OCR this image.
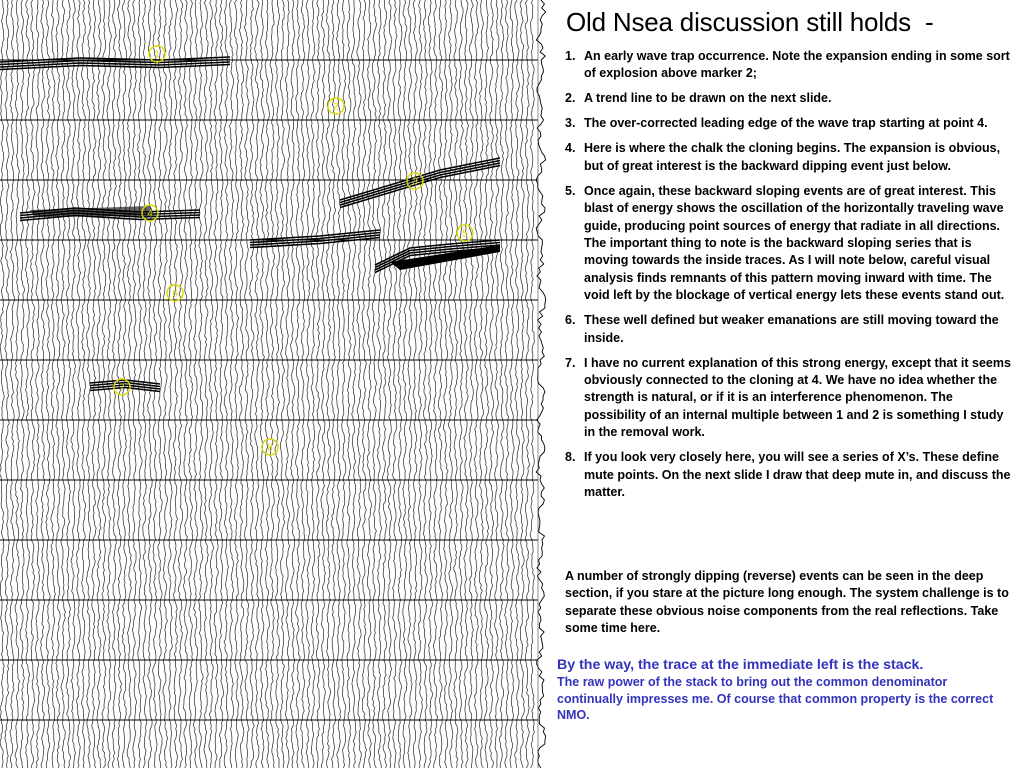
1
2
3
4
5
6
7
8
Old Nsea discussion still holds  -
1. An early wave trap occurrence. Note the expansion ending in some sort of explosion above marker 2;
2. A trend line to be drawn on the next slide.
3. The over-corrected leading edge of the wave trap starting at point 4.
4. Here is where the chalk the cloning begins. The expansion is obvious, but of great interest is the backward dipping event just below.
5. Once again, these backward sloping events are of great interest. This blast of energy shows the oscillation of the horizontally traveling wave guide, producing point sources of energy that radiate in all directions. The important thing to note is the backward sloping series that is moving towards the inside traces. As I will note below, careful visual analysis finds remnants of this pattern moving inward with time. The void left by the blockage of vertical energy lets these events stand out.
6. These well defined but weaker emanations are still moving toward the inside.
7. I have no current explanation of this strong energy, except that it seems obviously connected to the cloning at 4. We have no idea whether the strength is natural, or if it is an interference phenomenon. The possibility of an internal multiple between 1 and 2 is something I study in the removal work.
8. If you look very closely here, you will see a series of X’s. These define mute points. On the next slide I draw that deep mute in, and discuss the matter.

A number of strongly dipping (reverse) events can be seen in the deep section, if you stare at the picture long enough. The system challenge is to separate these obvious noise components from the real reflections. Take some time here.

By the way, the trace at the immediate left is the stack.
The raw power of the stack to bring out the common denominator continually impresses me. Of course that common property is the correct NMO.
